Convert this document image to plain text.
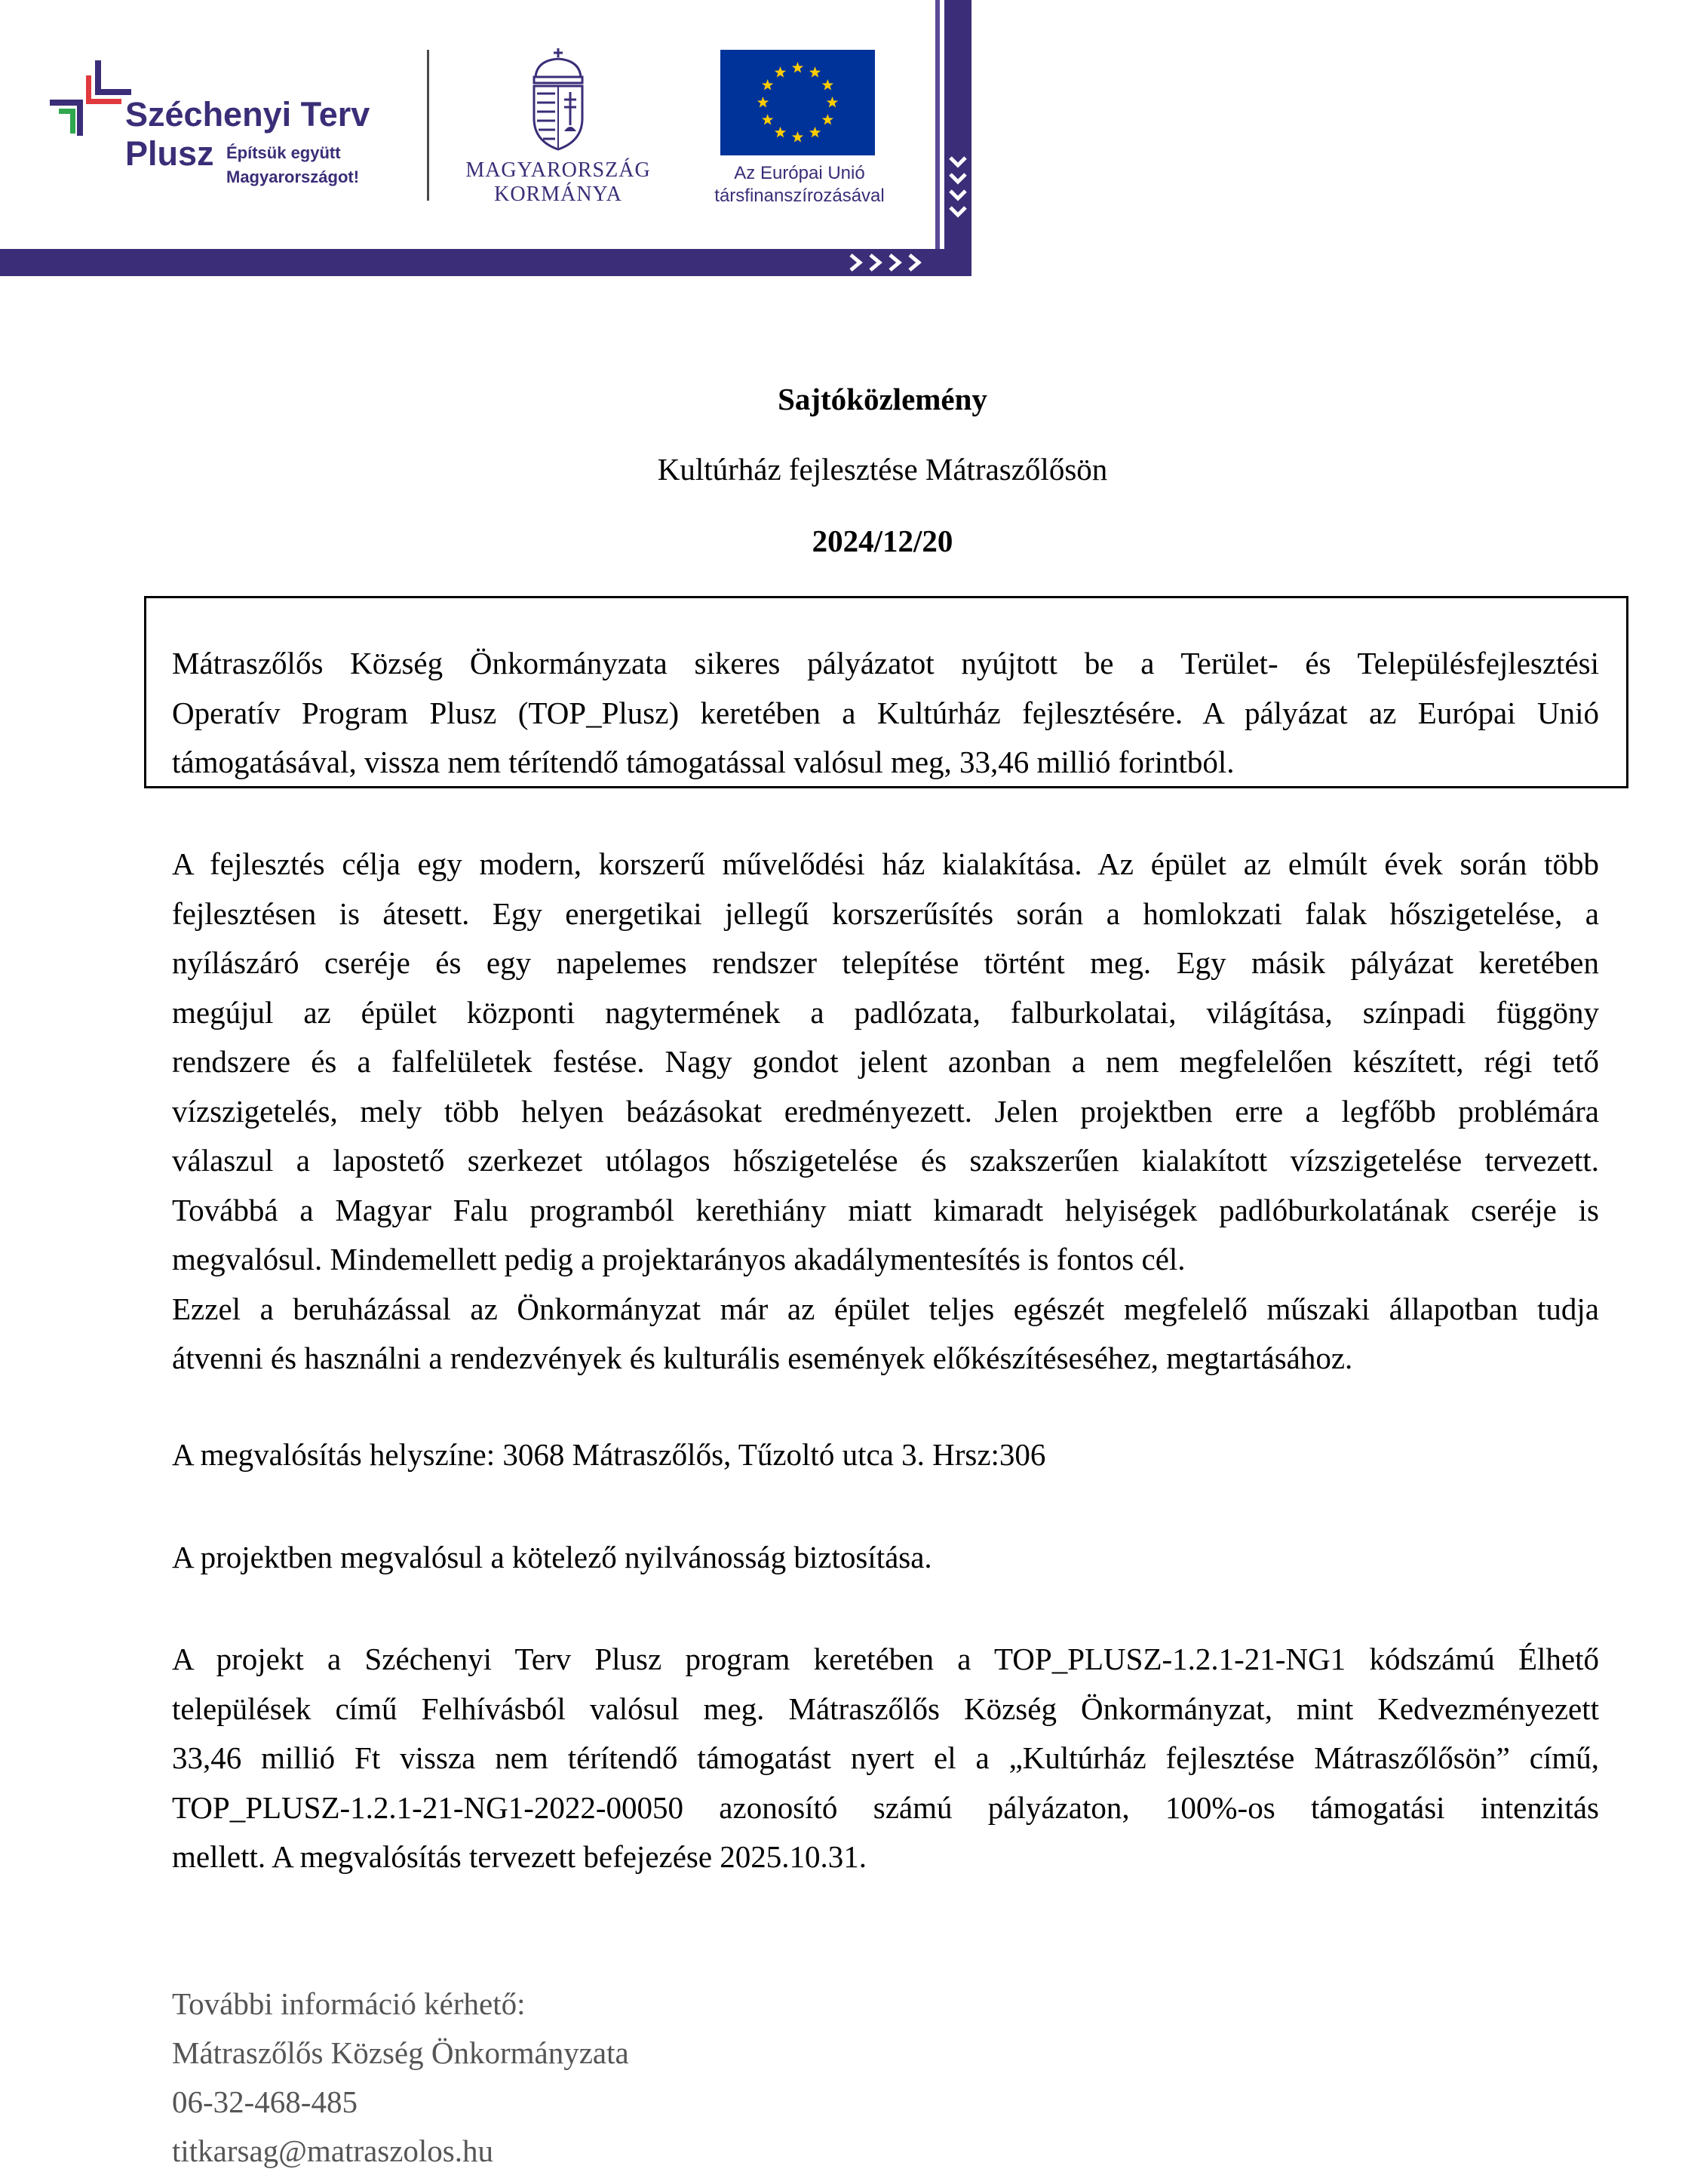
Széchenyi Terv
Plusz Építsük együtt
Magyarországot!	MAGYARORSZÁG
KORMÁNYA
Az Európai Unió
társfinanszírozásával
Sajtóközlemény
Kultúrház fejlesztése Mátraszőlősön
2024/12/20
Mátraszőlős Község Önkormányzata sikeres pályázatot nyújtott be a Terület- és Településfejlesztési
Operatív Program Plusz (TOP_Plusz) keretében a Kultúrház fejlesztésére. A pályázat az Európai Unió
támogatásával, vissza nem térítendő támogatással valósul meg, 33,46 millió forintból.
A fejlesztés célja egy modern, korszerű művelődési ház kialakítása. Az épület az elmúlt évek során több
fejlesztésen is átesett. Egy energetikai jellegű korszerűsítés során a homlokzati falak hőszigetelése, a
nyílászáró cseréje és egy napelemes rendszer telepítése történt meg. Egy másik pályázat keretében
megújul az épület központi nagytermének a padlózata, falburkolatai, világítása, színpadi függöny
rendszere és a falfelületek festése. Nagy gondot jelent azonban a nem megfelelően készített, régi tető
vízszigetelés, mely több helyen beázásokat eredményezett. Jelen projektben erre a legfőbb problémára
válaszul a lapostető szerkezet utólagos hőszigetelése és szakszerűen kialakított vízszigetelése tervezett.
Továbbá a Magyar Falu programból kerethiány miatt kimaradt helyiségek padlóburkolatának cseréje is
megvalósul. Mindemellett pedig a projektarányos akadálymentesítés is fontos cél.
Ezzel a beruházással az Önkormányzat már az épület teljes egészét megfelelő műszaki állapotban tudja
átvenni és használni a rendezvények és kulturális események előkészítéseséhez, megtartásához.
A megvalósítás helyszíne: 3068 Mátraszőlős, Tűzoltó utca 3. Hrsz:306
A projektben megvalósul a kötelező nyilvánosság biztosítása.
A projekt a Széchenyi Terv Plusz program keretében a TOP_PLUSZ-1.2.1-21-NG1 kódszámú Élhető
települések című Felhívásból valósul meg. Mátraszőlős Község Önkormányzat, mint Kedvezményezett
33,46 millió Ft vissza nem térítendő támogatást nyert el a „Kultúrház fejlesztése Mátraszőlősön” című,
TOP_PLUSZ-1.2.1-21-NG1-2022-00050 azonosító számú pályázaton, 100%-os támogatási intenzitás
mellett. A megvalósítás tervezett befejezése 2025.10.31.
További információ kérhető:
Mátraszőlős Község Önkormányzata
06-32-468-485
titkarsag@matraszolos.hu
